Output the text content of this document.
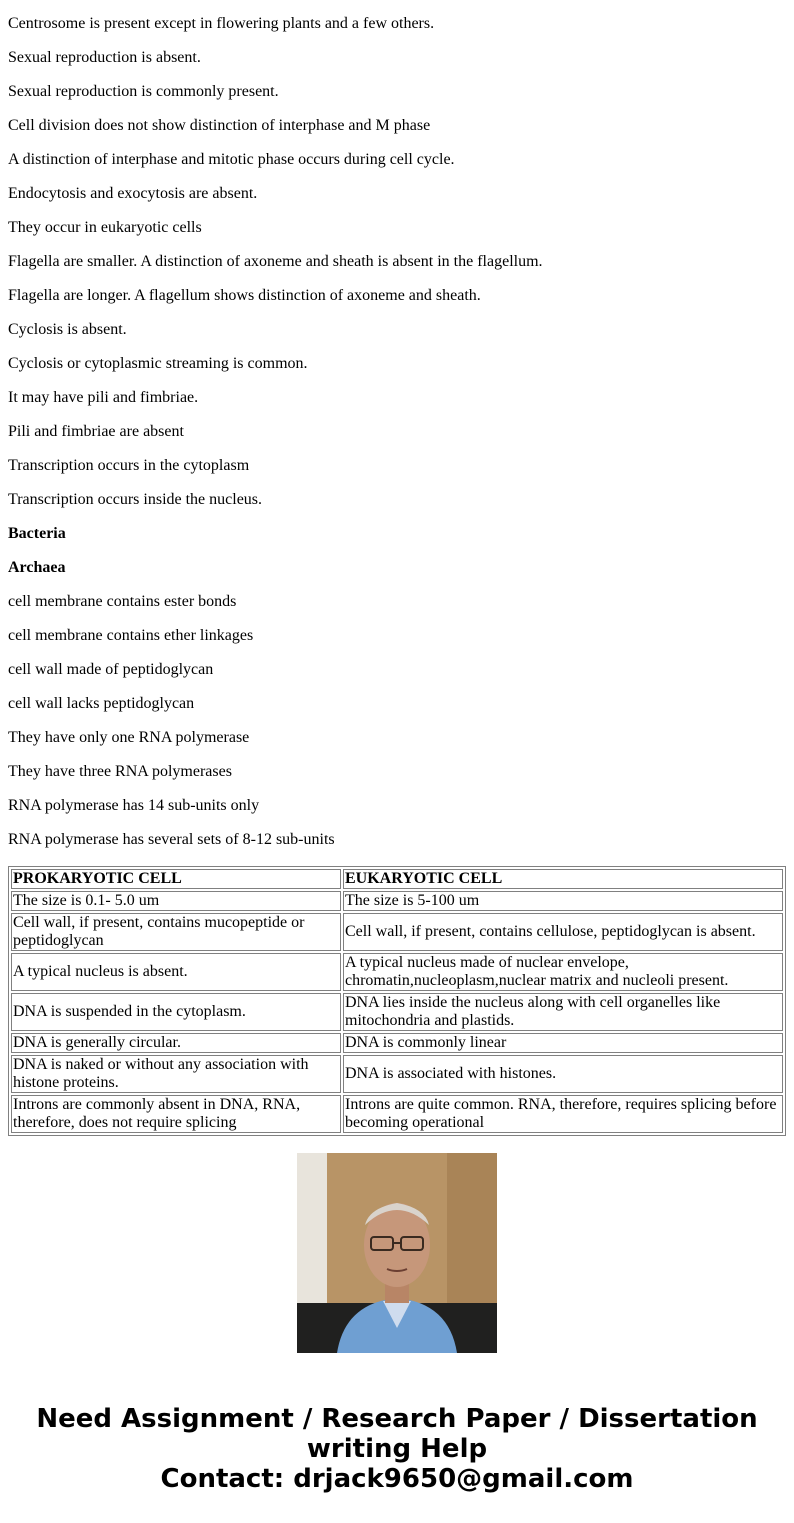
Centrosome is present except in flowering plants and a few others.

Sexual reproduction is absent.

Sexual reproduction is commonly present.

Cell division does not show distinction of interphase and M phase

A distinction of interphase and mitotic phase occurs during cell cycle.

Endocytosis and exocytosis are absent.

They occur in eukaryotic cells

Flagella are smaller. A distinction of axoneme and sheath is absent in the flagellum.

Flagella are longer. A flagellum shows distinction of axoneme and sheath.

Cyclosis is absent.

Cyclosis or cytoplasmic streaming is common.

It may have pili and fimbriae.

Pili and fimbriae are absent

Transcription occurs in the cytoplasm

Transcription occurs inside the nucleus.

Bacteria

Archaea

cell membrane contains ester bonds

cell membrane contains ether linkages

cell wall made of peptidoglycan

cell wall lacks peptidoglycan

They have only one RNA polymerase

They have three RNA polymerases

RNA polymerase has 14 sub-units only

RNA polymerase has several sets of 8-12 sub-units

PROKARYOTIC CELL	EUKARYOTIC CELL
The size is 0.1- 5.0 um	The size is 5-100 um
Cell wall, if present, contains mucopeptide or peptidoglycan	Cell wall, if present, contains cellulose, peptidoglycan is absent.
A typical nucleus is absent.	A typical nucleus made of nuclear envelope, chromatin,nucleoplasm,nuclear matrix and nucleoli present.
DNA is suspended in the cytoplasm.	DNA lies inside the nucleus along with cell organelles like mitochondria and plastids.
DNA is generally circular.	DNA is commonly linear
DNA is naked or without any association with histone proteins.	DNA is associated with histones.
Introns are commonly absent in DNA, RNA, therefore, does not require splicing	Introns are quite common. RNA, therefore, requires splicing before becoming operational
Need Assignment / Research Paper / Dissertation
writing Help
Contact: drjack9650@gmail.com
